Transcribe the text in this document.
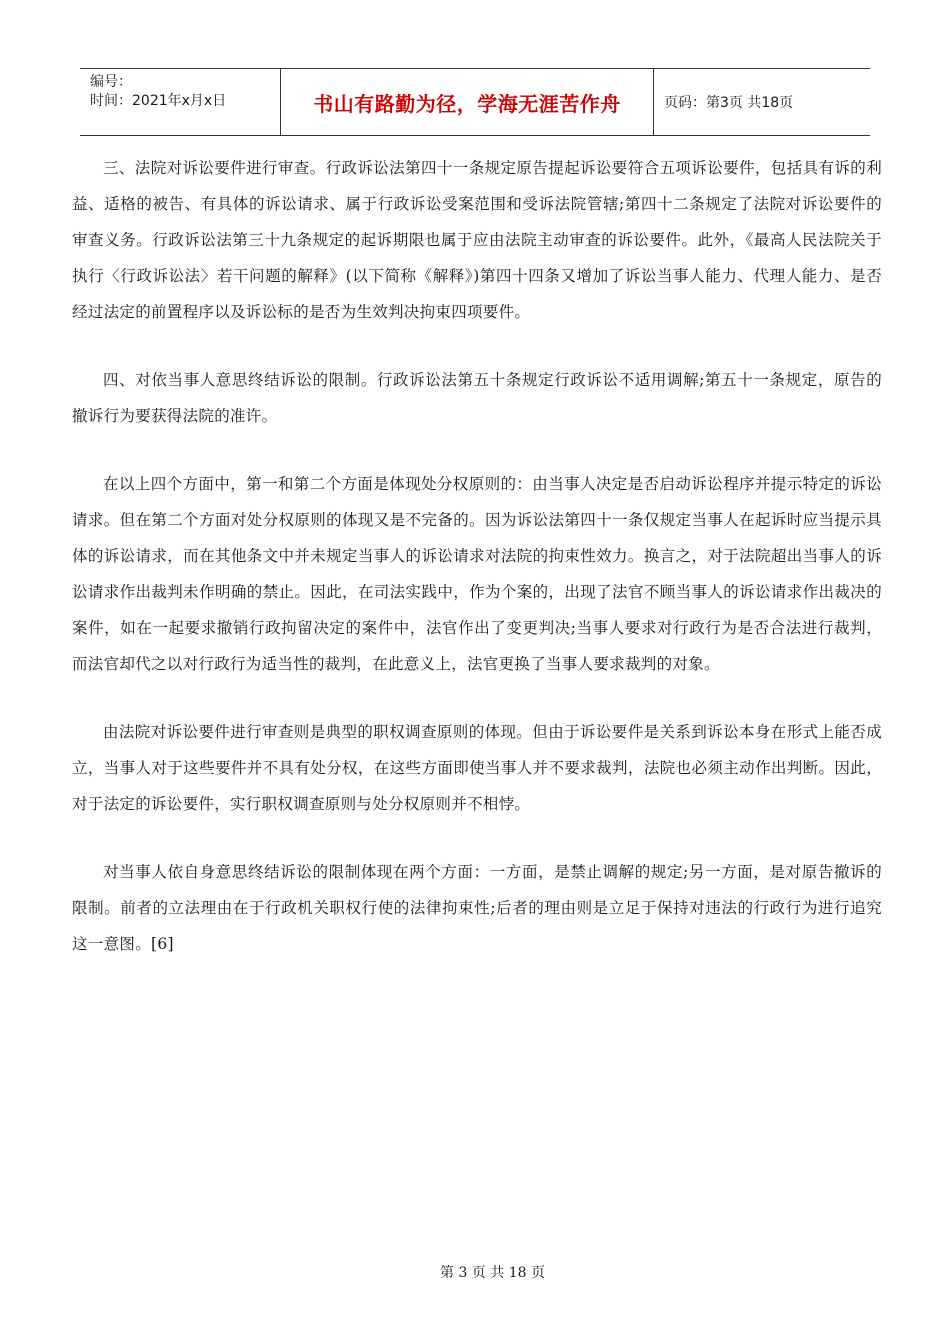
编号：
时间：2021年x月x日	书山有路勤为径，学海无涯苦作舟	页码：第3页 共18页

三、法院对诉讼要件进行审查。行政诉讼法第四十一条规定原告提起诉讼要符合五项诉讼要件，包括具有诉的利益、适格的被告、有具体的诉讼请求、属于行政诉讼受案范围和受诉法院管辖;第四十二条规定了法院对诉讼要件的审查义务。行政诉讼法第三十九条规定的起诉期限也属于应由法院主动审查的诉讼要件。此外，《最高人民法院关于执行〈行政诉讼法〉若干问题的解释》(以下简称《解释》)第四十四条又增加了诉讼当事人能力、代理人能力、是否经过法定的前置程序以及诉讼标的是否为生效判决拘束四项要件。

四、对依当事人意思终结诉讼的限制。行政诉讼法第五十条规定行政诉讼不适用调解;第五十一条规定，原告的撤诉行为要获得法院的准许。

在以上四个方面中，第一和第二个方面是体现处分权原则的：由当事人决定是否启动诉讼程序并提示特定的诉讼请求。但在第二个方面对处分权原则的体现又是不完备的。因为诉讼法第四十一条仅规定当事人在起诉时应当提示具体的诉讼请求，而在其他条文中并未规定当事人的诉讼请求对法院的拘束性效力。换言之，对于法院超出当事人的诉讼请求作出裁判未作明确的禁止。因此，在司法实践中，作为个案的，出现了法官不顾当事人的诉讼请求作出裁决的案件，如在一起要求撤销行政拘留决定的案件中，法官作出了变更判决;当事人要求对行政行为是否合法进行裁判，而法官却代之以对行政行为适当性的裁判，在此意义上，法官更换了当事人要求裁判的对象。

由法院对诉讼要件进行审查则是典型的职权调查原则的体现。但由于诉讼要件是关系到诉讼本身在形式上能否成立，当事人对于这些要件并不具有处分权，在这些方面即使当事人并不要求裁判，法院也必须主动作出判断。因此，对于法定的诉讼要件，实行职权调查原则与处分权原则并不相悖。

对当事人依自身意思终结诉讼的限制体现在两个方面：一方面，是禁止调解的规定;另一方面，是对原告撤诉的限制。前者的立法理由在于行政机关职权行使的法律拘束性;后者的理由则是立足于保持对违法的行政行为进行追究这一意图。[6]

第 3 页 共 18 页
